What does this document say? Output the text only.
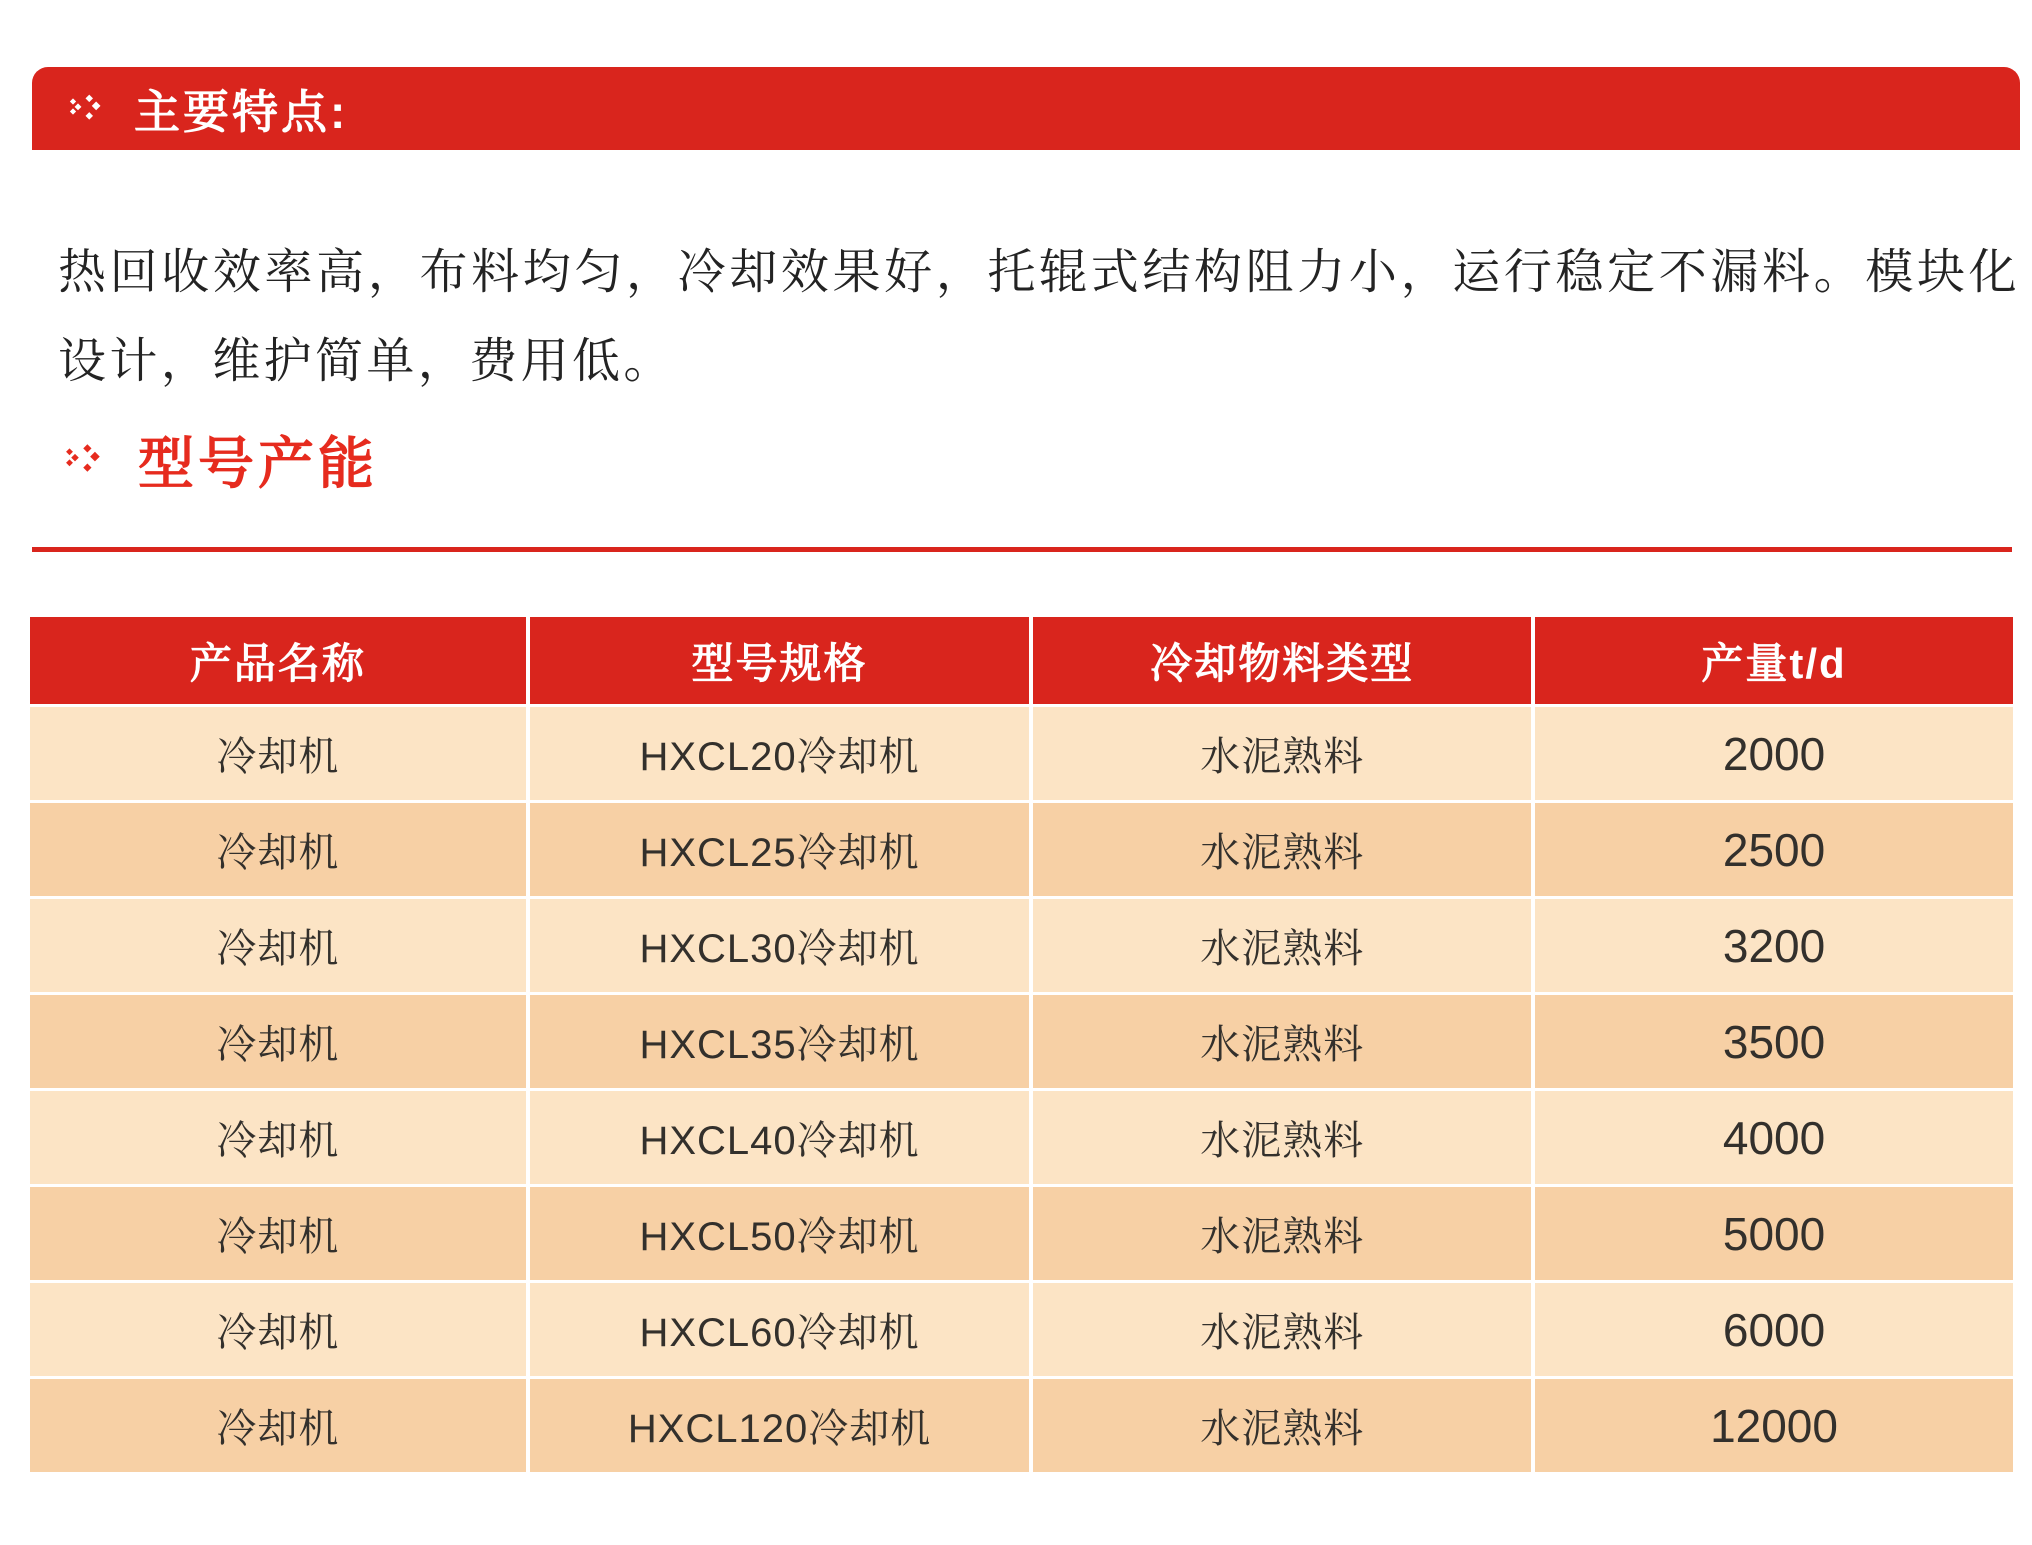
主要特点:

热回收效率高，布料均匀，冷却效果好，托辊式结构阻力小，运行稳定不漏料。模块化设计，维护简单，费用低。

型号产能
产品名称	型号规格	冷却物料类型	产量t/d
冷却机	HXCL20冷却机	水泥熟料	2000
冷却机	HXCL25冷却机	水泥熟料	2500
冷却机	HXCL30冷却机	水泥熟料	3200
冷却机	HXCL35冷却机	水泥熟料	3500
冷却机	HXCL40冷却机	水泥熟料	4000
冷却机	HXCL50冷却机	水泥熟料	5000
冷却机	HXCL60冷却机	水泥熟料	6000
冷却机	HXCL120冷却机	水泥熟料	12000
